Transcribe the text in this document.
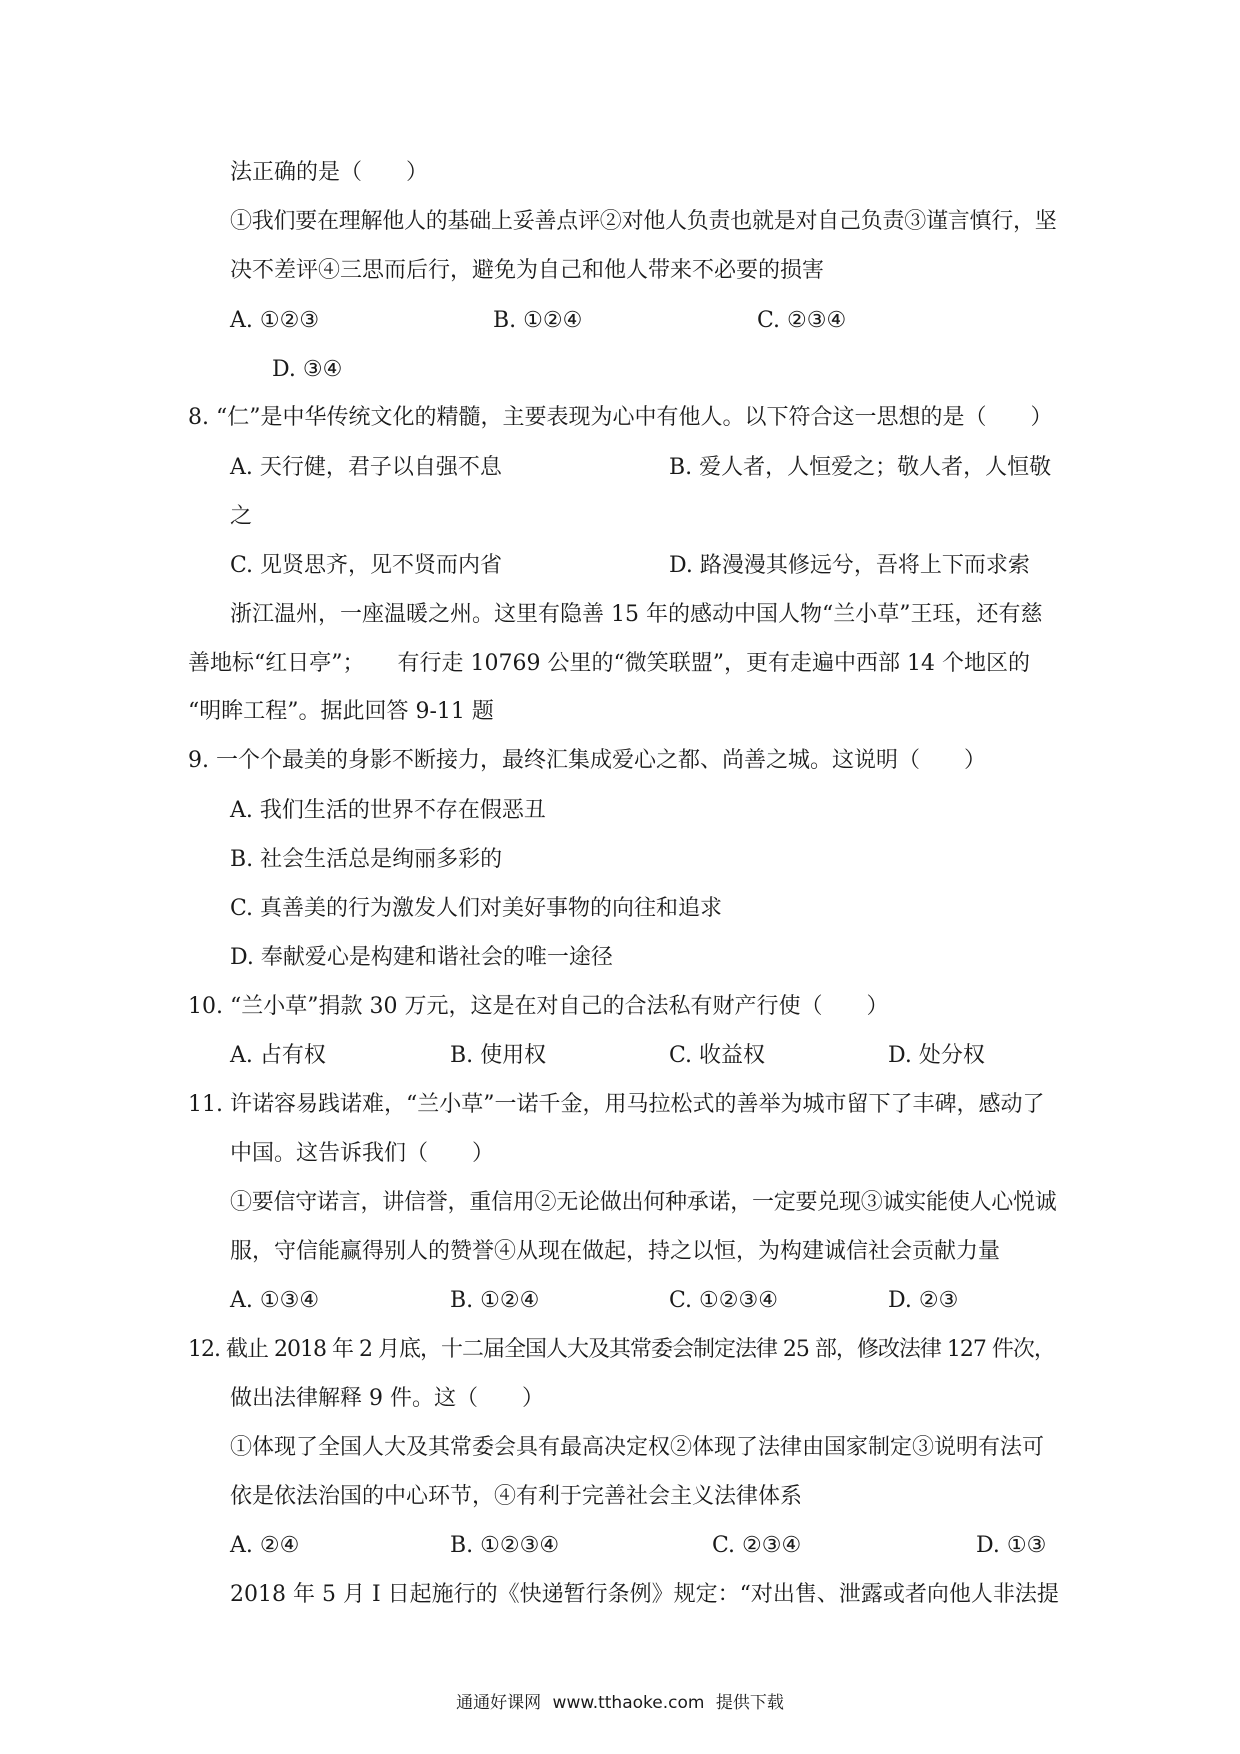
法正确的是（　　）
①我们要在理解他人的基础上妥善点评②对他人负责也就是对自己负责③谨言慎行，坚
决不差评④三思而后行，避免为自己和他人带来不必要的损害
A. ①②③	B. ①②④	C. ②③④
D. ③④
8. “仁”是中华传统文化的精髓，主要表现为心中有他人。以下符合这一思想的是（　　）
A. 天行健，君子以自强不息	B. 爱人者，人恒爱之；敬人者，人恒敬
之
C. 见贤思齐，见不贤而内省	D. 路漫漫其修远兮，吾将上下而求索
浙江温州，一座温暖之州。这里有隐善 15 年的感动中国人物“兰小草”王珏，还有慈
善地标“红日亭”；　　有行走 10769 公里的“微笑联盟”，更有走遍中西部 14 个地区的
“明眸工程”。据此回答 9-11 题
9. 一个个最美的身影不断接力，最终汇集成爱心之都、尚善之城。这说明（　　）
A. 我们生活的世界不存在假恶丑
B. 社会生活总是绚丽多彩的
C. 真善美的行为激发人们对美好事物的向往和追求
D. 奉献爱心是构建和谐社会的唯一途径
10. “兰小草”捐款 30 万元，这是在对自己的合法私有财产行使（　　）
A. 占有权	B. 使用权	C. 收益权	D. 处分权
11. 许诺容易践诺难，“兰小草”一诺千金，用马拉松式的善举为城市留下了丰碑，感动了
中国。这告诉我们（　　）
①要信守诺言，讲信誉，重信用②无论做出何种承诺，一定要兑现③诚实能使人心悦诚
服，守信能赢得别人的赞誉④从现在做起，持之以恒，为构建诚信社会贡献力量
A. ①③④	B. ①②④	C. ①②③④	D. ②③
12. 截止 2018 年 2 月底，十二届全国人大及其常委会制定法律 25 部，修改法律 127 件次，
做出法律解释 9 件。这（　　）
①体现了全国人大及其常委会具有最高决定权②体现了法律由国家制定③说明有法可
依是依法治国的中心环节，④有利于完善社会主义法律体系
A. ②④	B. ①②③④	C. ②③④	D. ①③
2018 年 5 月 I 日起施行的《快递暂行条例》规定：“对出售、泄露或者向他人非法提
通通好课网 www.tthaoke.com 提供下载
